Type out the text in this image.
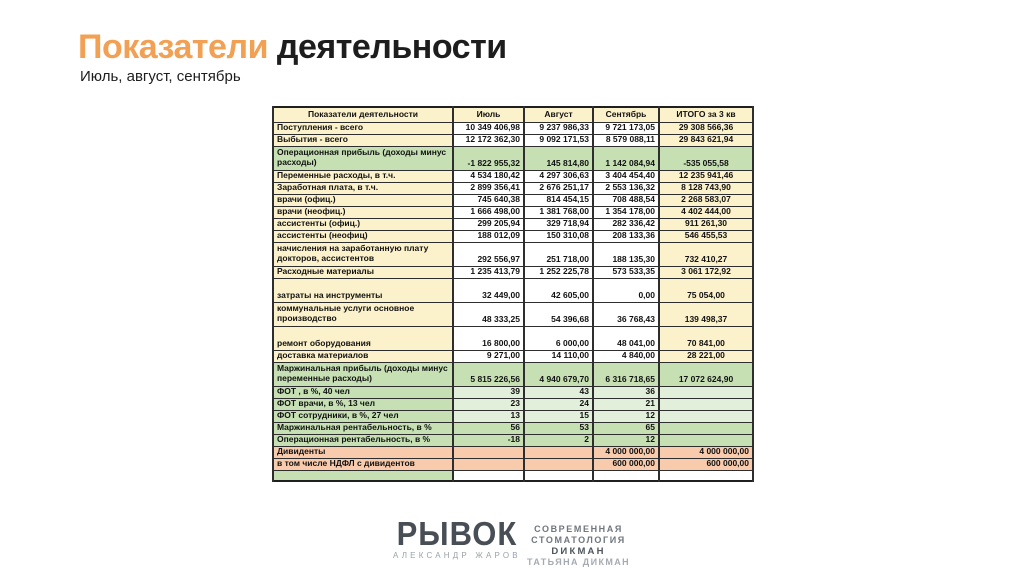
Показатели деятельности
Июль, август, сентябрь
Показатели деятельности	Июль	Август	Сентябрь	ИТОГО за 3 кв
Поступления - всего	10 349 406,98	9 237 986,33	9 721 173,05	29 308 566,36
Выбытия - всего	12 172 362,30	9 092 171,53	8 579 088,11	29 843 621,94
Операционная прибыль (доходы минус расходы)	-1 822 955,32	145 814,80	1 142 084,94	-535 055,58
Переменные расходы, в т.ч.	4 534 180,42	4 297 306,63	3 404 454,40	12 235 941,46
Заработная плата, в т.ч.	2 899 356,41	2 676 251,17	2 553 136,32	8 128 743,90
врачи (офиц.)	745 640,38	814 454,15	708 488,54	2 268 583,07
врачи (неофиц.)	1 666 498,00	1 381 768,00	1 354 178,00	4 402 444,00
ассистенты (офиц.)	299 205,94	329 718,94	282 336,42	911 261,30
ассистенты (неофиц)	188 012,09	150 310,08	208 133,36	546 455,53
начисления на заработанную плату докторов, ассистентов	292 556,97	251 718,00	188 135,30	732 410,27
Расходные материалы	1 235 413,79	1 252 225,78	573 533,35	3 061 172,92
затраты на инструменты	32 449,00	42 605,00	0,00	75 054,00
коммунальные услуги основное производство	48 333,25	54 396,68	36 768,43	139 498,37
ремонт оборудования	16 800,00	6 000,00	48 041,00	70 841,00
доставка материалов	9 271,00	14 110,00	4 840,00	28 221,00
Маржинальная прибыль (доходы минус переменные расходы)	5 815 226,56	4 940 679,70	6 316 718,65	17 072 624,90
ФОТ , в %, 40 чел	39	43	36	
ФОТ врачи, в %, 13 чел	23	24	21	
ФОТ сотрудники, в %, 27 чел	13	15	12	
Маржинальная рентабельность, в %	56	53	65	
Операционная рентабельность, в %	-18	2	12	
Дивиденты			4 000 000,00	4 000 000,00
в том числе НДФЛ с дивидентов			600 000,00	600 000,00

РЫВОК
АЛЕКСАНДР ЖАРОВ
СОВРЕМЕННАЯ
СТОМАТОЛОГИЯ
DИКМАН
ТАТЬЯНА ДИКМАН
